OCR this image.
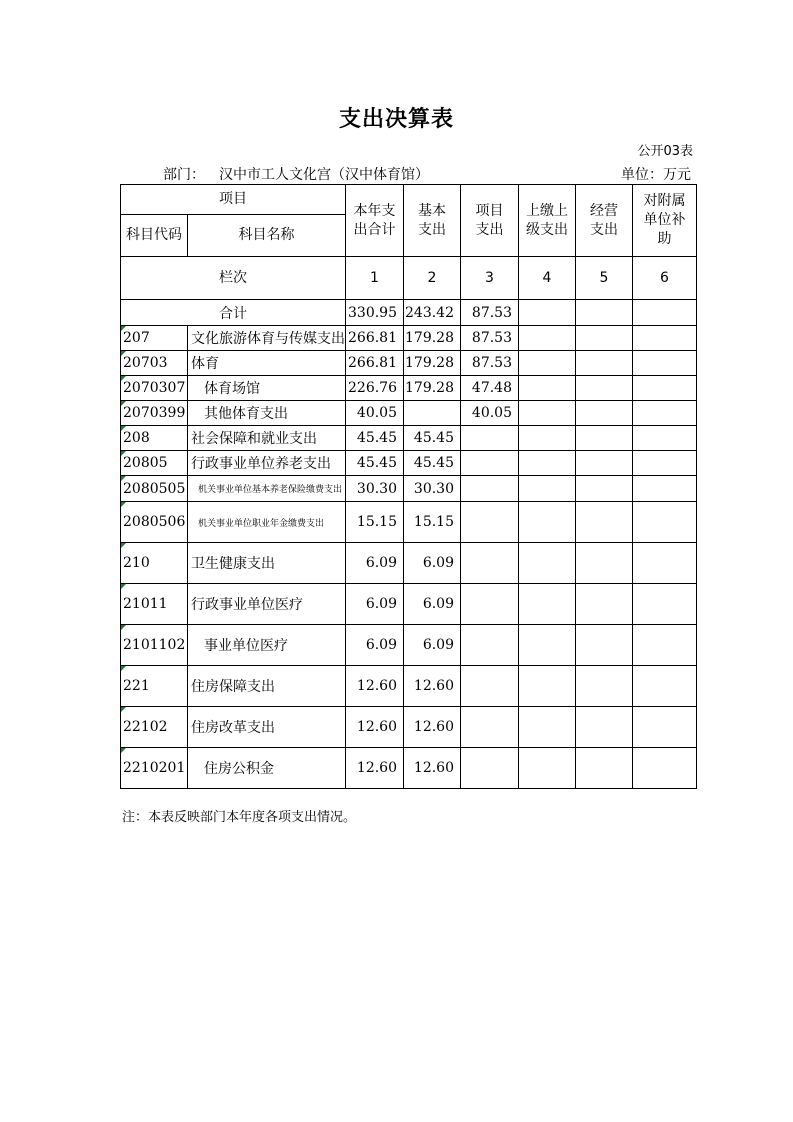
支出决算表
公开03表
部门： 汉中市工人文化宫（汉中体育馆）	单位：万元
项目		本年支出合计	基本支出	项目支出	上缴上级支出	经营支出	对附属单位补助

科目代码	科目名称						
栏次		1	2	3	4	5	6
合计		330.95	243.42	87.53			
207	文化旅游体育与传媒支出	266.81	179.28	87.53			
20703	体育	266.81	179.28	87.53			
2070307	体育场馆	226.76	179.28	47.48			
2070399	其他体育支出	40.05		40.05			
208	社会保障和就业支出	45.45	45.45				
20805	行政事业单位养老支出	45.45	45.45				
2080505	机关事业单位基本养老保险缴费支出	30.30	30.30				
2080506	机关事业单位职业年金缴费支出	15.15	15.15				
210	卫生健康支出	6.09	6.09				
21011	行政事业单位医疗	6.09	6.09				
2101102	事业单位医疗	6.09	6.09				
221	住房保障支出	12.60	12.60				
22102	住房改革支出	12.60	12.60				
2210201	住房公积金	12.60	12.60				
注：本表反映部门本年度各项支出情况。
